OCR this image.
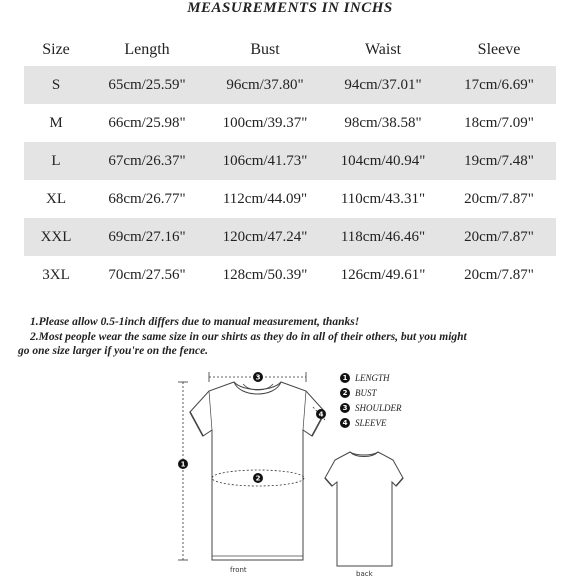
MEASUREMENTS IN INCHS
Size	Length	Bust	Waist	Sleeve
S	65cm/25.59"	96cm/37.80"	94cm/37.01"	17cm/6.69"
M	66cm/25.98"	100cm/39.37"	98cm/38.58"	18cm/7.09"
L	67cm/26.37"	106cm/41.73"	104cm/40.94"	19cm/7.48"
XL	68cm/26.77"	112cm/44.09"	110cm/43.31"	20cm/7.87"
XXL	69cm/27.16"	120cm/47.24"	118cm/46.46"	20cm/7.87"
3XL	70cm/27.56"	128cm/50.39"	126cm/49.61"	20cm/7.87"
1.Please allow 0.5-1inch differs due to manual measurement, thanks!
2.Most people wear the same size in our shirts as they do in all of their others, but you might
go one size larger if you're on the fence.
3
4
1
2
front	back
1 LENGTH
2 BUST
3 SHOULDER
4 SLEEVE
